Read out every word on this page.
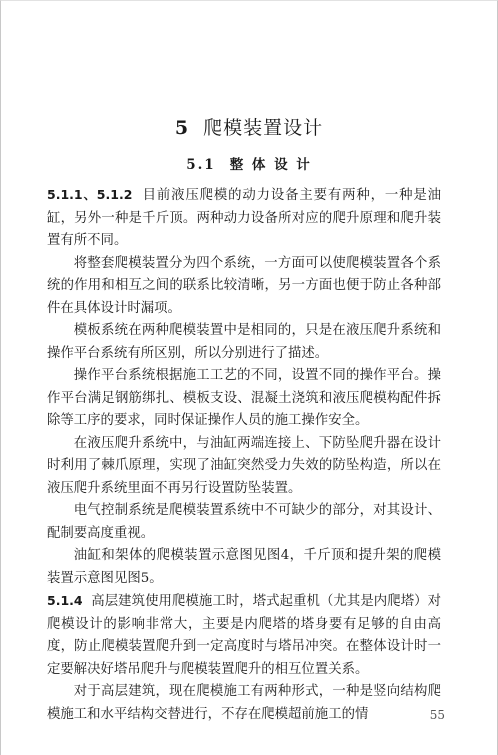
5 爬模装置设计
5.1 整 体 设 计

5.1.1、5.1.2 目前液压爬模的动力设备主要有两种，一种是油缸，另外一种是千斤顶。两种动力设备所对应的爬升原理和爬升装置有所不同。

将整套爬模装置分为四个系统，一方面可以使爬模装置各个系统的作用和相互之间的联系比较清晰，另一方面也便于防止各种部件在具体设计时漏项。

模板系统在两种爬模装置中是相同的，只是在液压爬升系统和操作平台系统有所区别，所以分别进行了描述。

操作平台系统根据施工工艺的不同，设置不同的操作平台。操作平台满足钢筋绑扎、模板支设、混凝土浇筑和液压爬模构配件拆除等工序的要求，同时保证操作人员的施工操作安全。

在液压爬升系统中，与油缸两端连接上、下防坠爬升器在设计时利用了棘爪原理，实现了油缸突然受力失效的防坠构造，所以在液压爬升系统里面不再另行设置防坠装置。

电气控制系统是爬模装置系统中不可缺少的部分，对其设计、配制要高度重视。

油缸和架体的爬模装置示意图见图4，千斤顶和提升架的爬模装置示意图见图5。

5.1.4 高层建筑使用爬模施工时，塔式起重机（尤其是内爬塔）对爬模设计的影响非常大，主要是内爬塔的塔身要有足够的自由高度，防止爬模装置爬升到一定高度时与塔吊冲突。在整体设计时一定要解决好塔吊爬升与爬模装置爬升的相互位置关系。

对于高层建筑，现在爬模施工有两种形式，一种是竖向结构爬模施工和水平结构交替进行，不存在爬模超前施工的情	55
